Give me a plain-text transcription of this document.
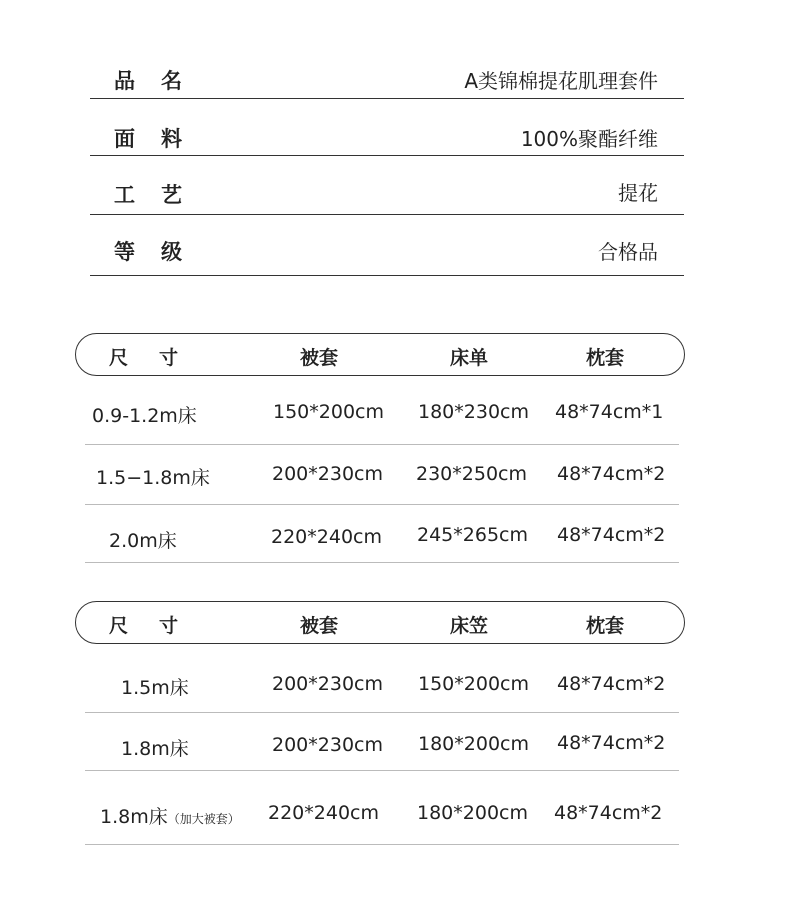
品 名	A类锦棉提花肌理套件
面 料	100%聚酯纤维
工 艺	提花
等 级	合格品
尺 寸	被套	床单	枕套
0.9-1.2m床	150*200cm 180*230cm 48*74cm*1
1.5−1.8m床	200*230cm 230*250cm 48*74cm*2
2.0m床	220*240cm 245*265cm 48*74cm*2
尺 寸	被套	床笠	枕套
1.5m床	200*230cm 150*200cm 48*74cm*2
1.8m床	200*230cm 180*200cm 48*74cm*2
1.8m床（加大被套） 220*240cm 180*200cm 48*74cm*2
